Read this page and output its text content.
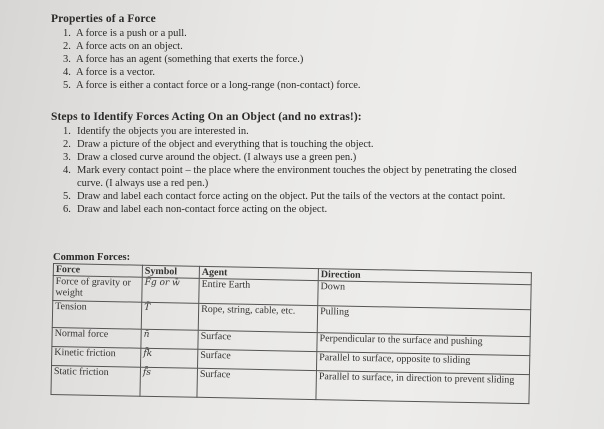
Properties of a Force
1. A force is a push or a pull.
2. A force acts on an object.
3. A force has an agent (something that exerts the force.)
4. A force is a vector.
5. A force is either a contact force or a long-range (non-contact) force.
Steps to Identify Forces Acting On an Object (and no extras!):
1. Identify the objects you are interested in.
2. Draw a picture of the object and everything that is touching the object.
3. Draw a closed curve around the object. (I always use a green pen.)
4. Mark every contact point – the place where the environment touches the object by penetrating the closed curve. (I always use a red pen.)
5. Draw and label each contact force acting on the object. Put the tails of the vectors at the contact point.
6. Draw and label each non-contact force acting on the object.
Common Forces:
Force	Symbol	Agent	Direction
Force of gravity or weight	F̄g or w̄	Entire Earth	Down
Tension	T̄	Rope, string, cable, etc.	Pulling
Normal force	n̄	Surface	Perpendicular to the surface and pushing
Kinetic friction	f̄k	Surface	Parallel to surface, opposite to sliding
Static friction	f̄s	Surface	Parallel to surface, in direction to prevent sliding
